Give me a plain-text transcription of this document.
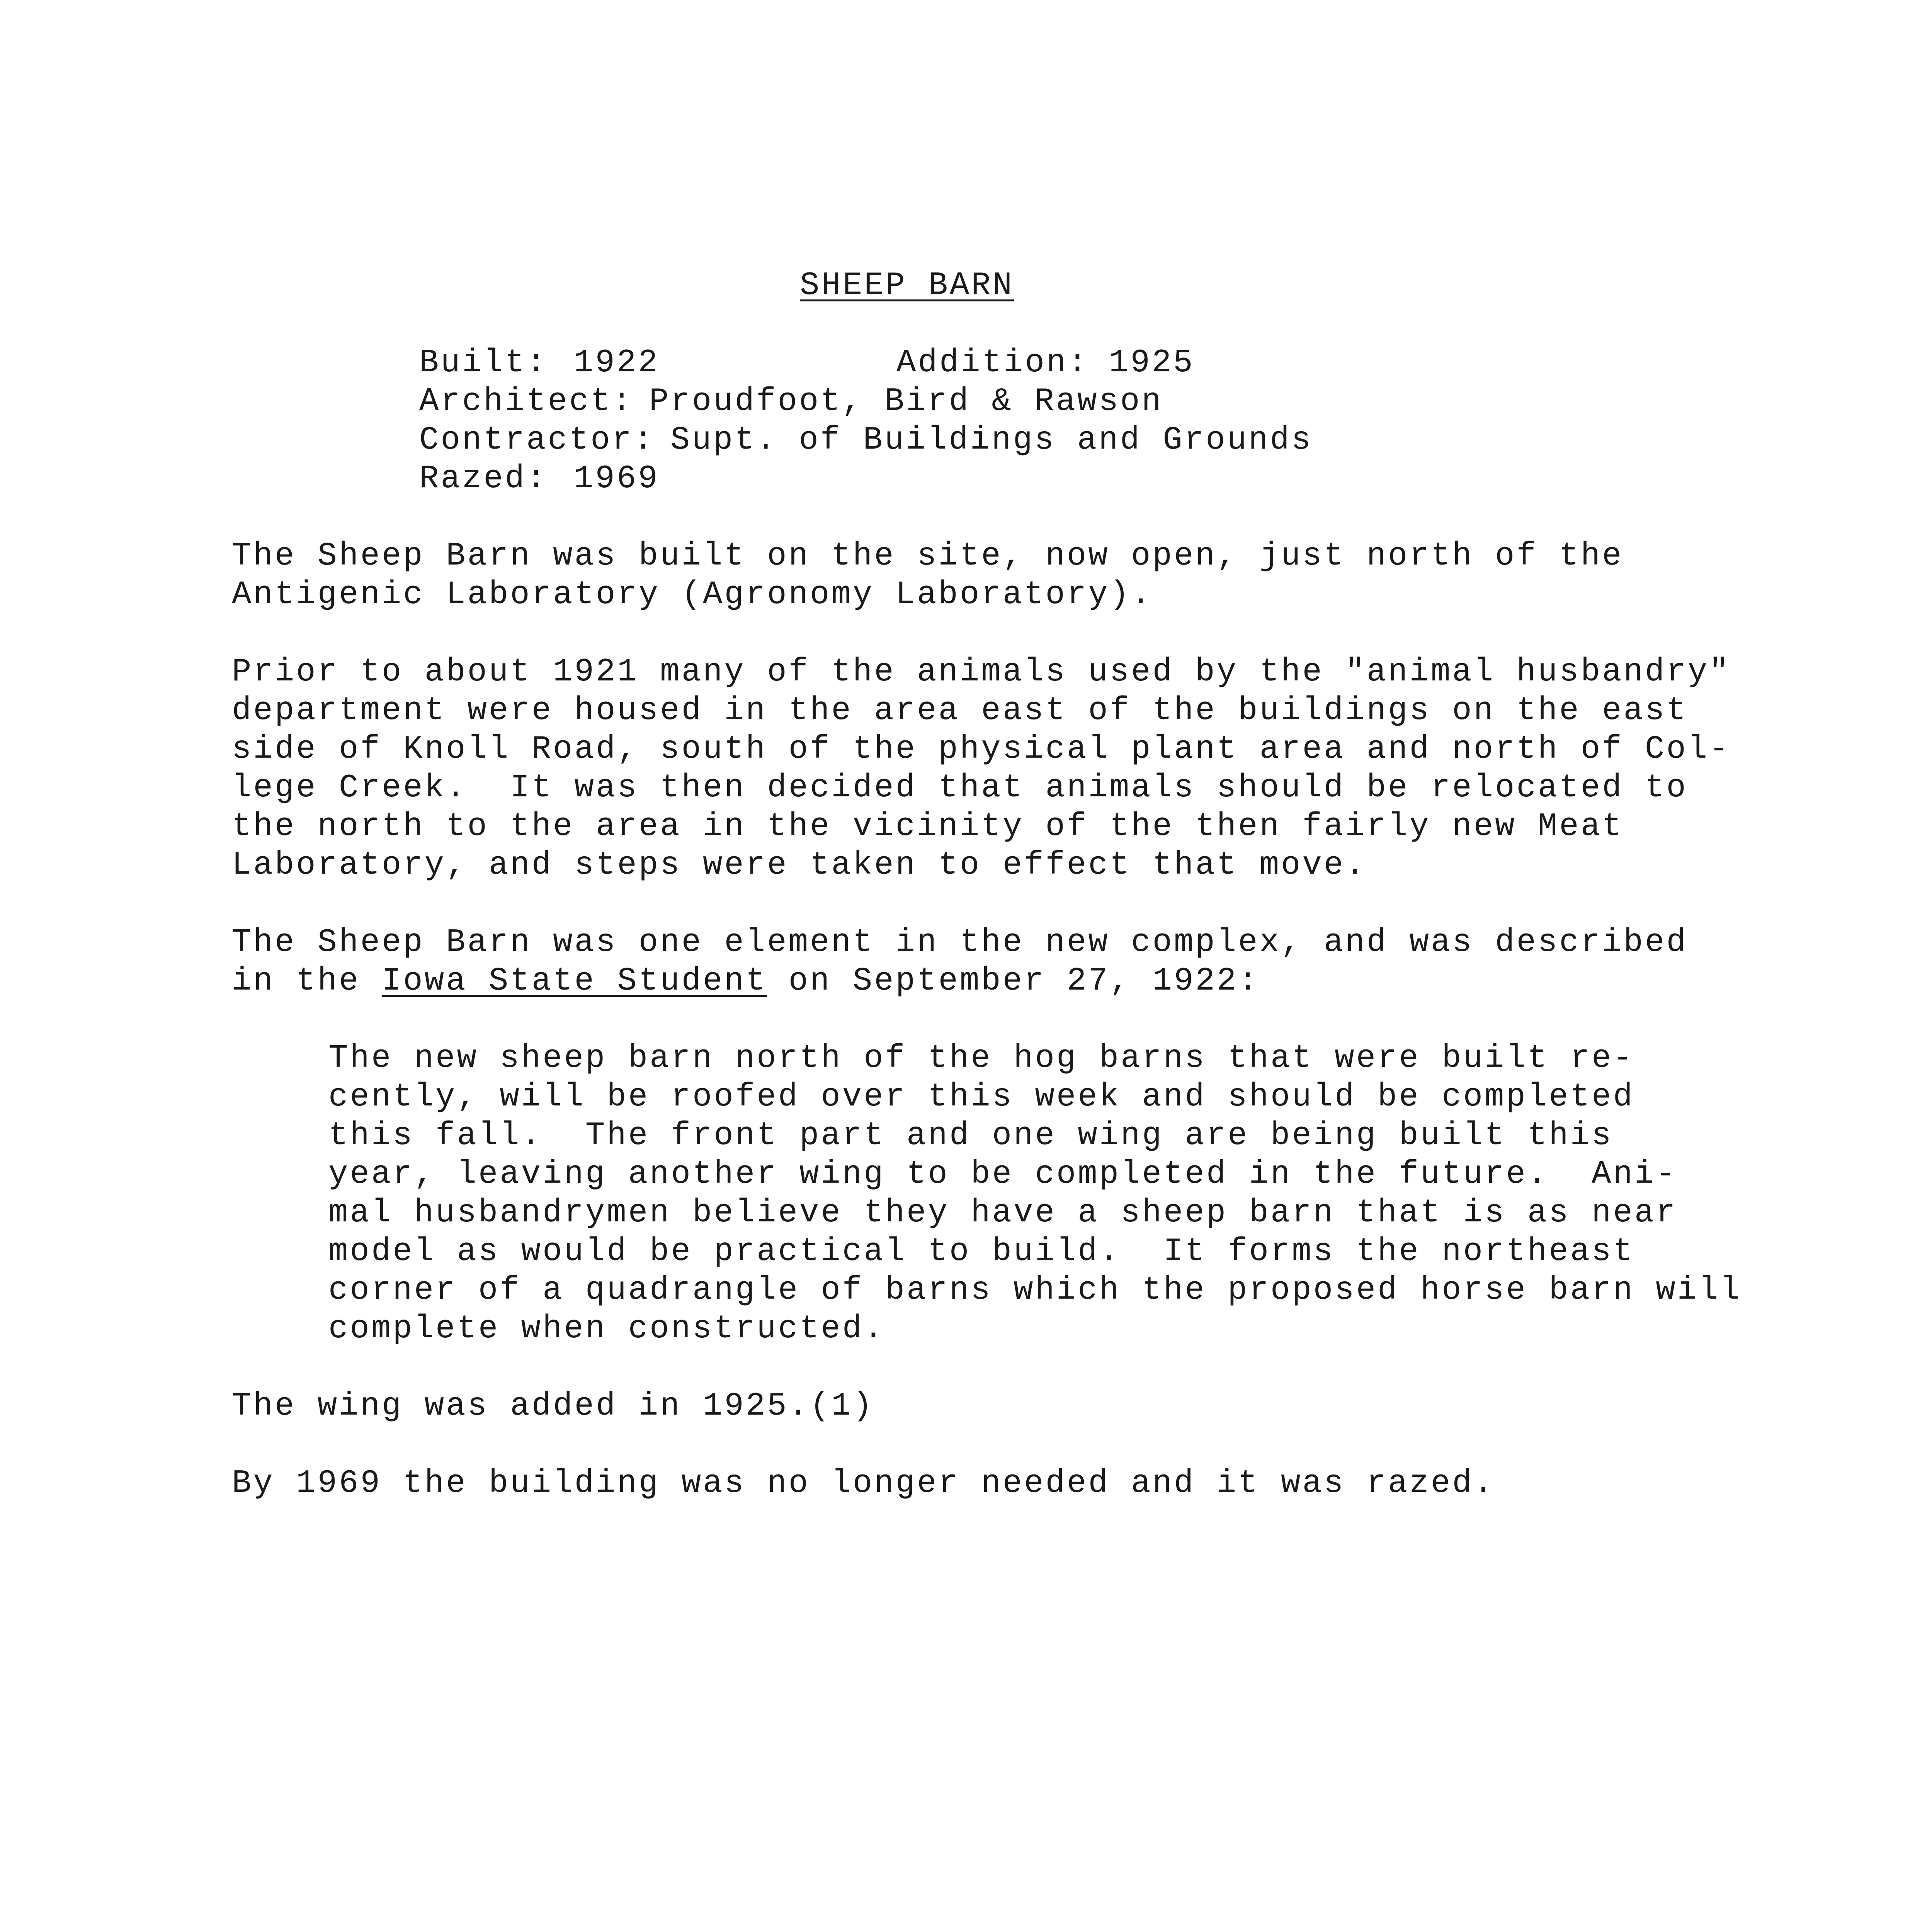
SHEEP BARN
Built: 1922	Addition: 1925
Architect: Proudfoot, Bird & Rawson
Contractor: Supt. of Buildings and Grounds
Razed: 1969
The Sheep Barn was built on the site, now open, just north of the
Antigenic Laboratory (Agronomy Laboratory).
Prior to about 1921 many of the animals used by the "animal husbandry"
department were housed in the area east of the buildings on the east
side of Knoll Road, south of the physical plant area and north of Col-
lege Creek.  It was then decided that animals should be relocated to
the north to the area in the vicinity of the then fairly new Meat
Laboratory, and steps were taken to effect that move.
The Sheep Barn was one element in the new complex, and was described
in the Iowa State Student on September 27, 1922:
The new sheep barn north of the hog barns that were built re-
cently, will be roofed over this week and should be completed
this fall.  The front part and one wing are being built this
year, leaving another wing to be completed in the future.  Ani-
mal husbandrymen believe they have a sheep barn that is as near
model as would be practical to build.  It forms the northeast
corner of a quadrangle of barns which the proposed horse barn will
complete when constructed.
The wing was added in 1925.(1)
By 1969 the building was no longer needed and it was razed.
